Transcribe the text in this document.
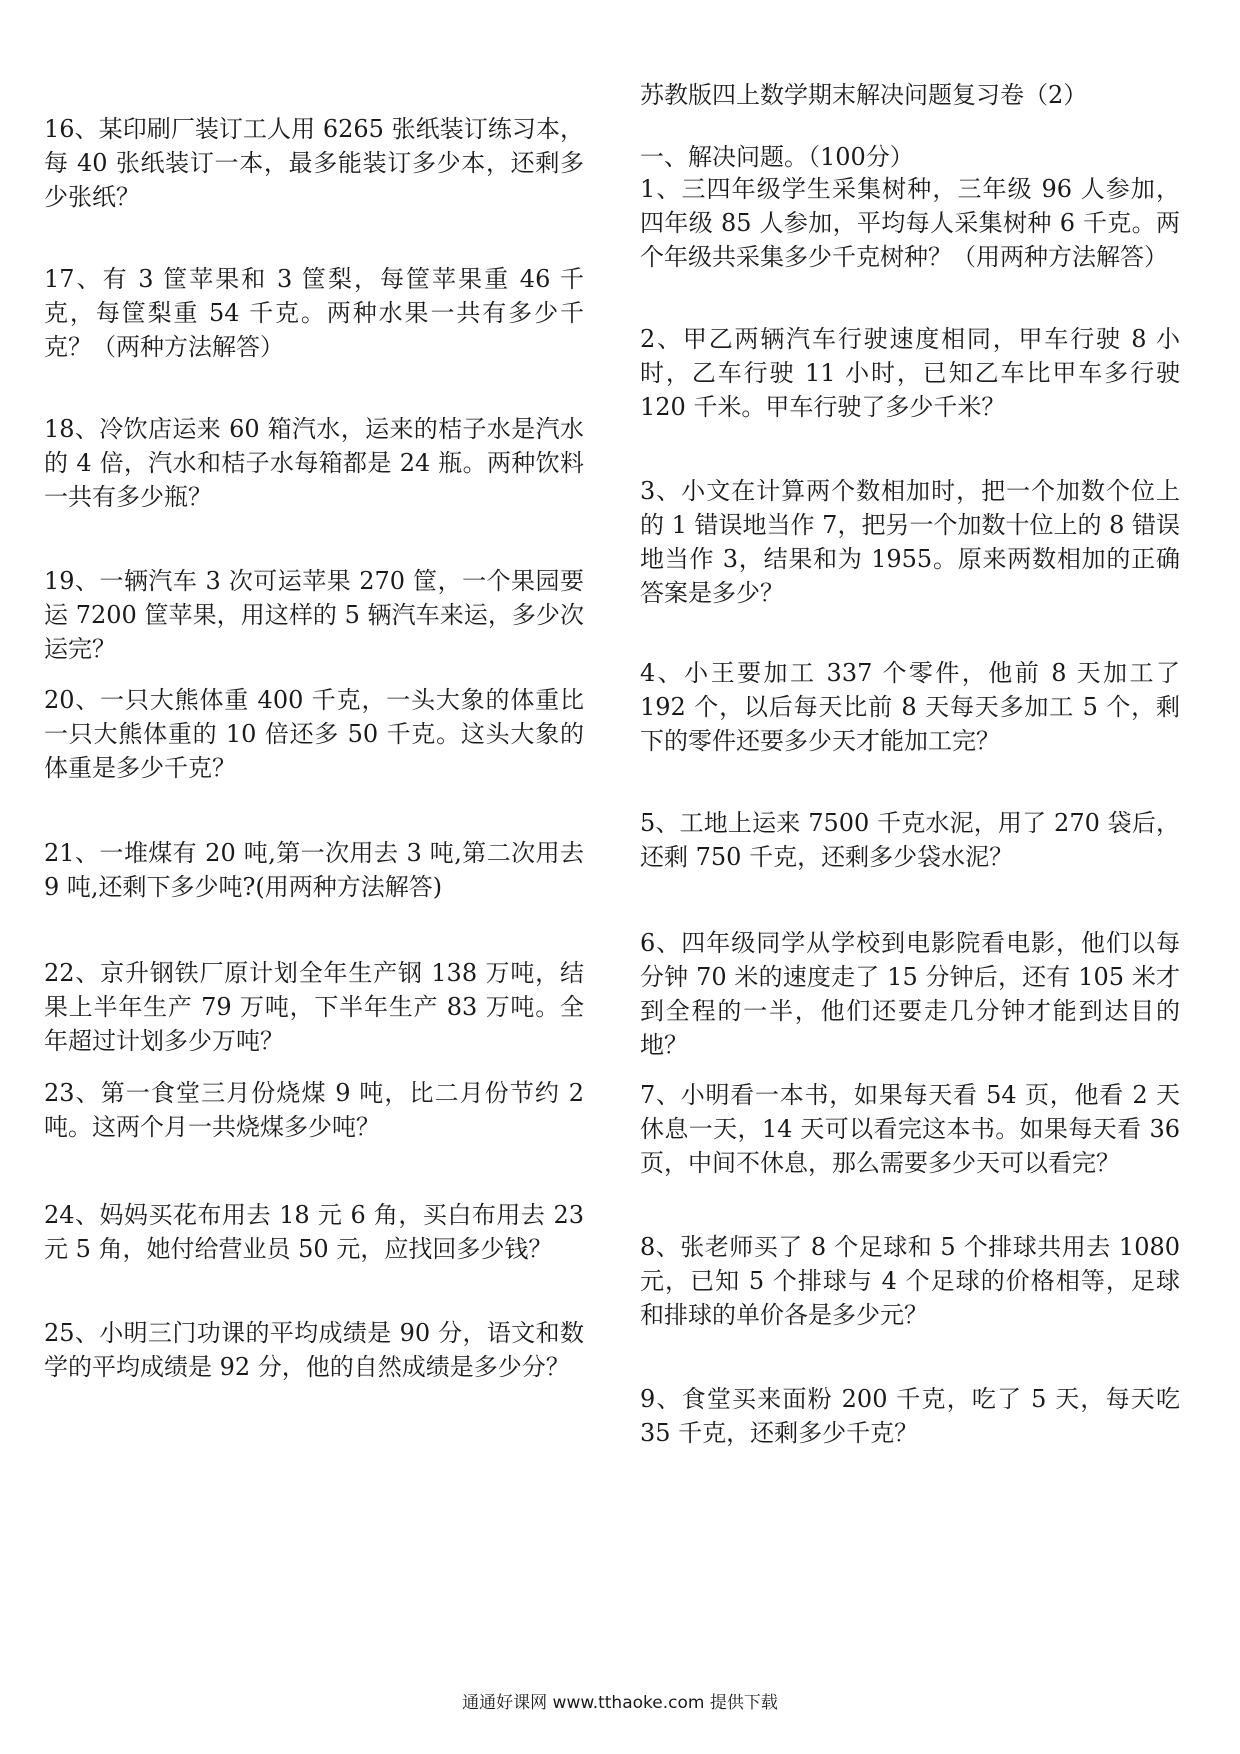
16、某印刷厂装订工人用 6265 张纸装订练习本，每 40 张纸装订一本，最多能装订多少本，还剩多少张纸？

17、有 3 筐苹果和 3 筐梨，每筐苹果重 46 千克，每筐梨重 54 千克。两种水果一共有多少千克？（两种方法解答）

18、冷饮店运来 60 箱汽水，运来的桔子水是汽水的 4 倍，汽水和桔子水每箱都是 24 瓶。两种饮料一共有多少瓶？

19、一辆汽车 3 次可运苹果 270 筐，一个果园要运 7200 筐苹果，用这样的 5 辆汽车来运，多少次运完？

20、一只大熊体重 400 千克，一头大象的体重比一只大熊体重的 10 倍还多 50 千克。这头大象的体重是多少千克？

21、一堆煤有 20 吨,第一次用去 3 吨,第二次用去 9 吨,还剩下多少吨?(用两种方法解答)

22、京升钢铁厂原计划全年生产钢 138 万吨，结果上半年生产 79 万吨，下半年生产 83 万吨。全年超过计划多少万吨？

23、第一食堂三月份烧煤 9 吨，比二月份节约 2 吨。这两个月一共烧煤多少吨？

24、妈妈买花布用去 18 元 6 角，买白布用去 23 元 5 角，她付给营业员 50 元，应找回多少钱？

25、小明三门功课的平均成绩是 90 分，语文和数学的平均成绩是 92 分，他的自然成绩是多少分？

苏教版四上数学期末解决问题复习卷（2）
一、解决问题。（100分）

1、三四年级学生采集树种，三年级 96 人参加，四年级 85 人参加，平均每人采集树种 6 千克。两个年级共采集多少千克树种？（用两种方法解答）

2、甲乙两辆汽车行驶速度相同，甲车行驶 8 小时，乙车行驶 11 小时，已知乙车比甲车多行驶 120 千米。甲车行驶了多少千米？

3、小文在计算两个数相加时，把一个加数个位上的 1 错误地当作 7，把另一个加数十位上的 8 错误地当作 3，结果和为 1955。原来两数相加的正确答案是多少？

4、小王要加工 337 个零件，他前 8 天加工了 192 个，以后每天比前 8 天每天多加工 5 个，剩下的零件还要多少天才能加工完？

5、工地上运来 7500 千克水泥，用了 270 袋后，还剩 750 千克，还剩多少袋水泥？

6、四年级同学从学校到电影院看电影，他们以每分钟 70 米的速度走了 15 分钟后，还有 105 米才到全程的一半，他们还要走几分钟才能到达目的地？

7、小明看一本书，如果每天看 54 页，他看 2 天休息一天，14 天可以看完这本书。如果每天看 36 页，中间不休息，那么需要多少天可以看完？

8、张老师买了 8 个足球和 5 个排球共用去 1080 元，已知 5 个排球与 4 个足球的价格相等，足球和排球的单价各是多少元？

9、食堂买来面粉 200 千克，吃了 5 天，每天吃 35 千克，还剩多少千克？

通通好课网 www.tthaoke.com 提供下载
